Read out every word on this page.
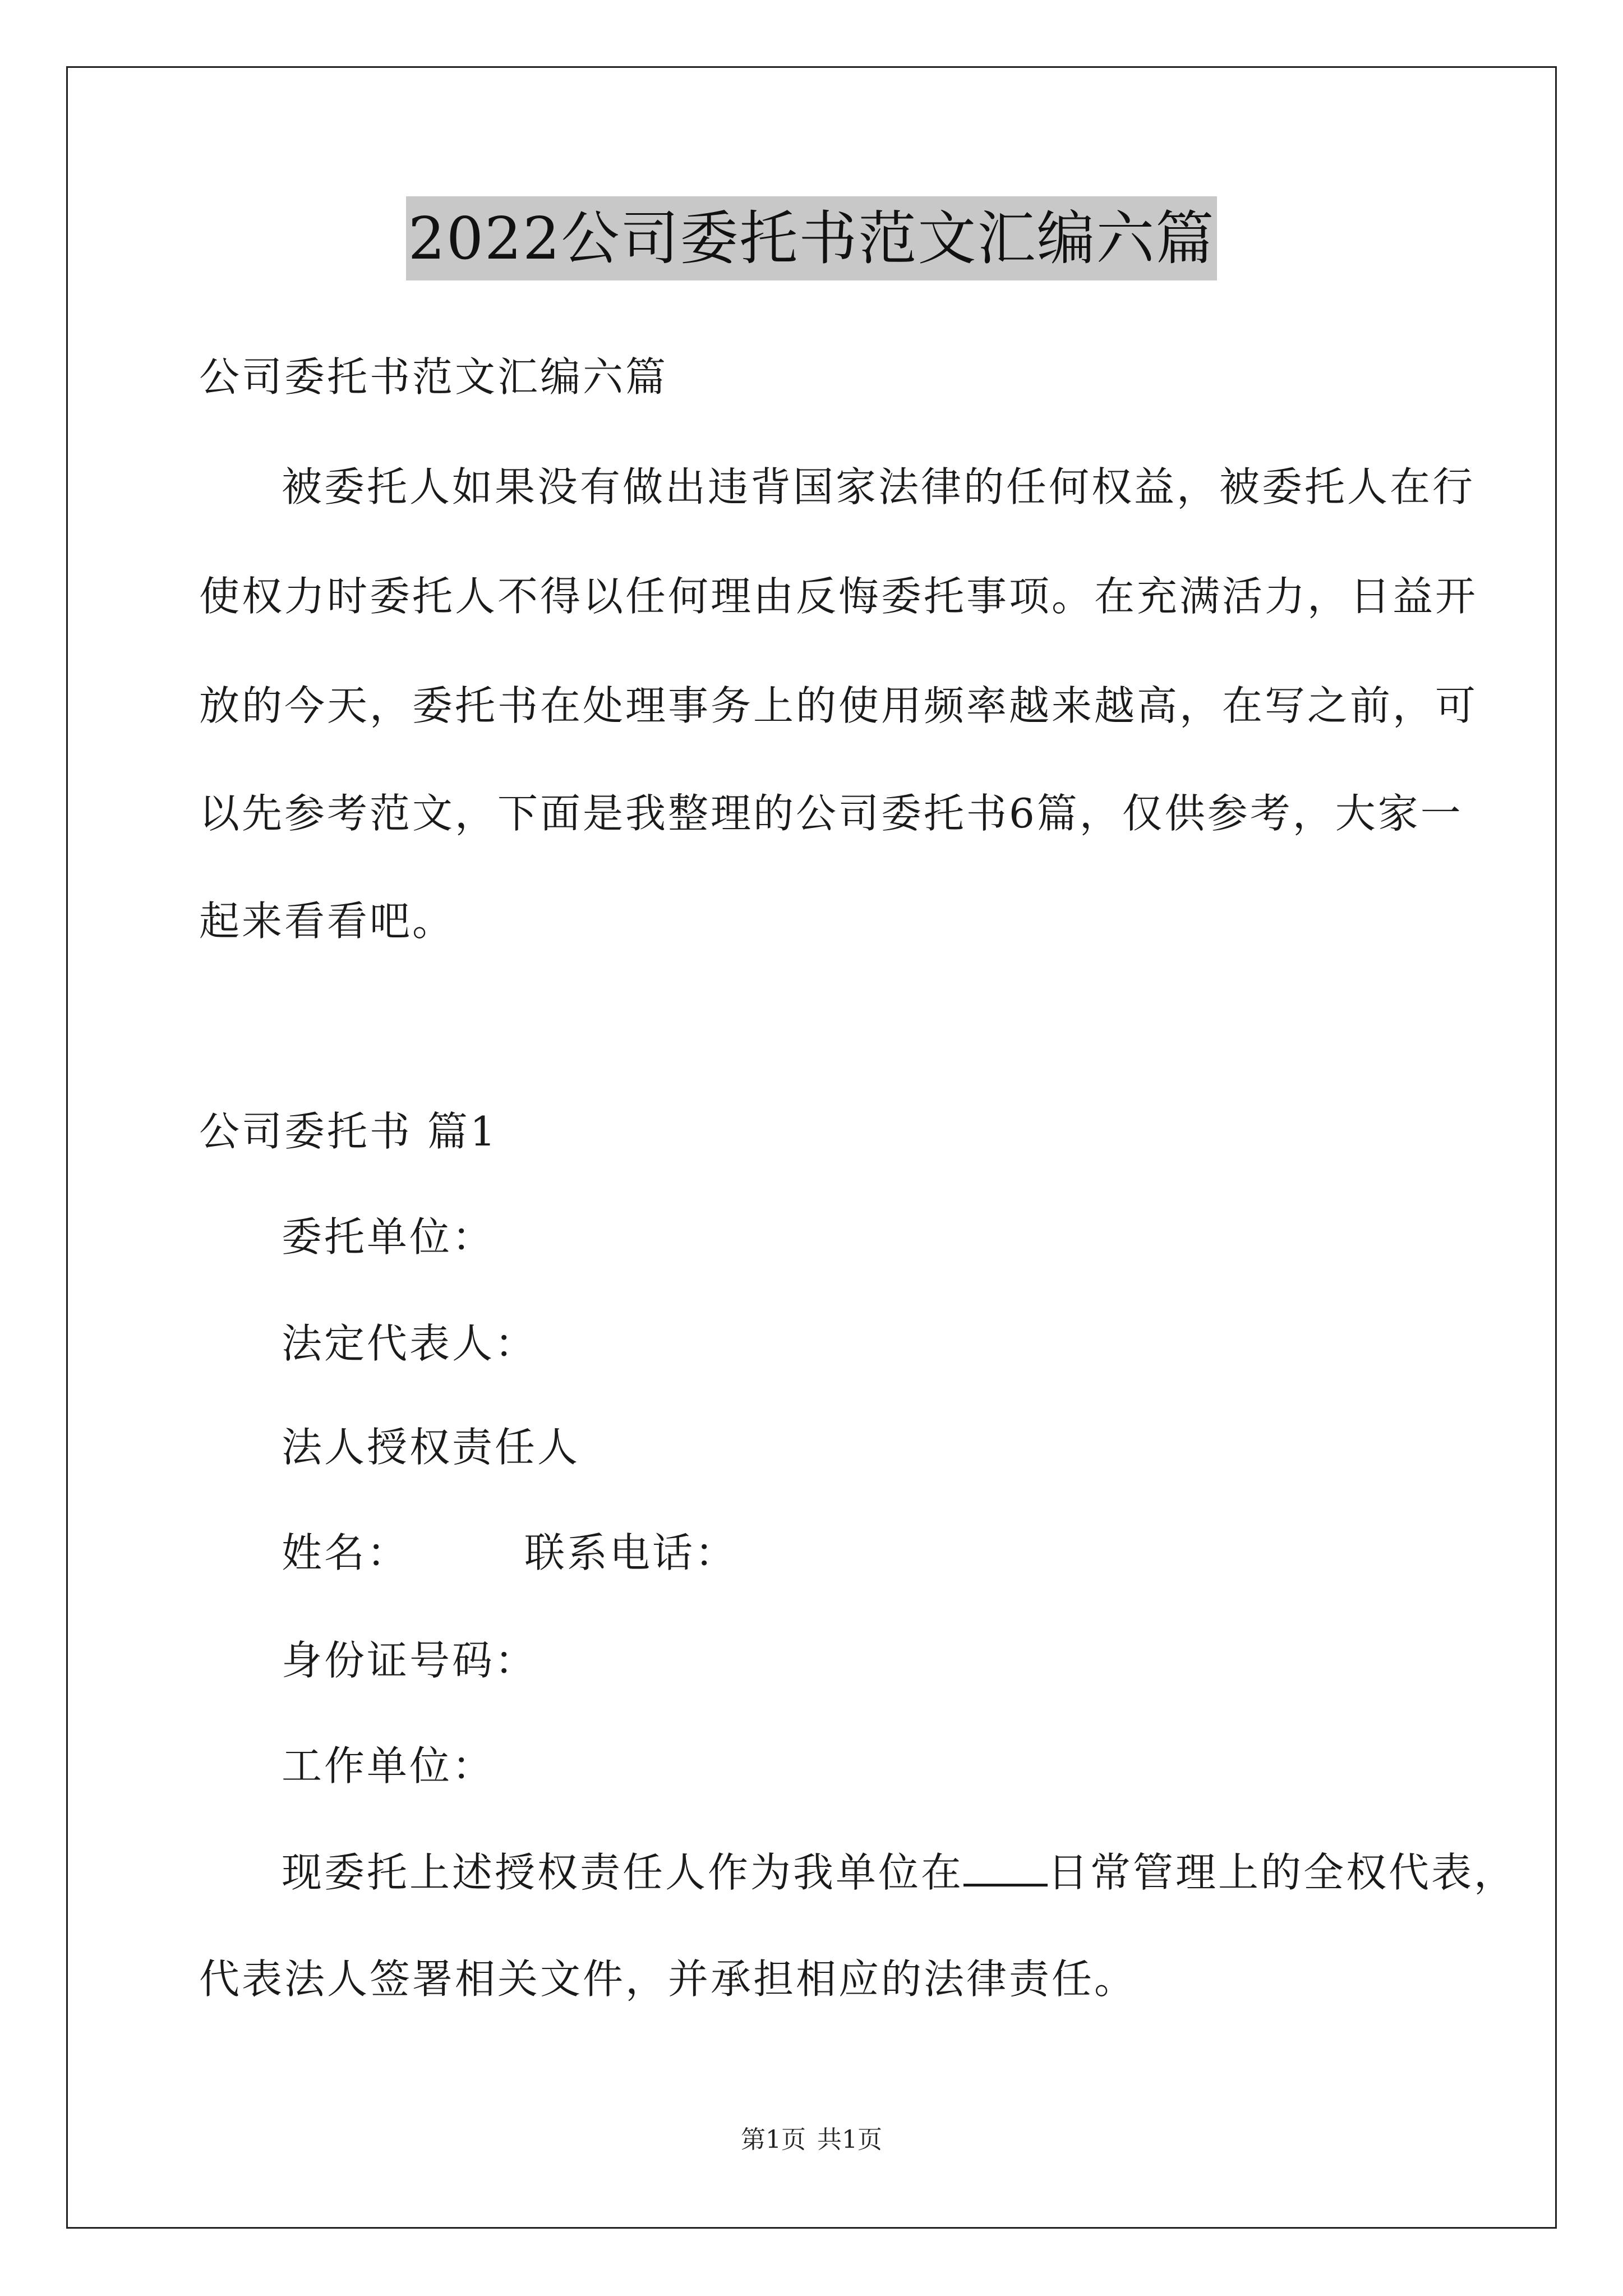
2022公司委托书范文汇编六篇
公司委托书范文汇编六篇
被委托人如果没有做出违背国家法律的任何权益，被委托人在行
使权力时委托人不得以任何理由反悔委托事项。在充满活力，日益开
放的今天，委托书在处理事务上的使用频率越来越高，在写之前，可
以先参考范文，下面是我整理的公司委托书6篇，仅供参考，大家一
起来看看吧。
公司委托书 篇1
委托单位：
法定代表人：
法人授权责任人
姓名：	联系电话：
身份证号码：
工作单位：
现委托上述授权责任人作为我单位在 日常管理上的全权代表，
代表法人签署相关文件，并承担相应的法律责任。
第1页 共1页
